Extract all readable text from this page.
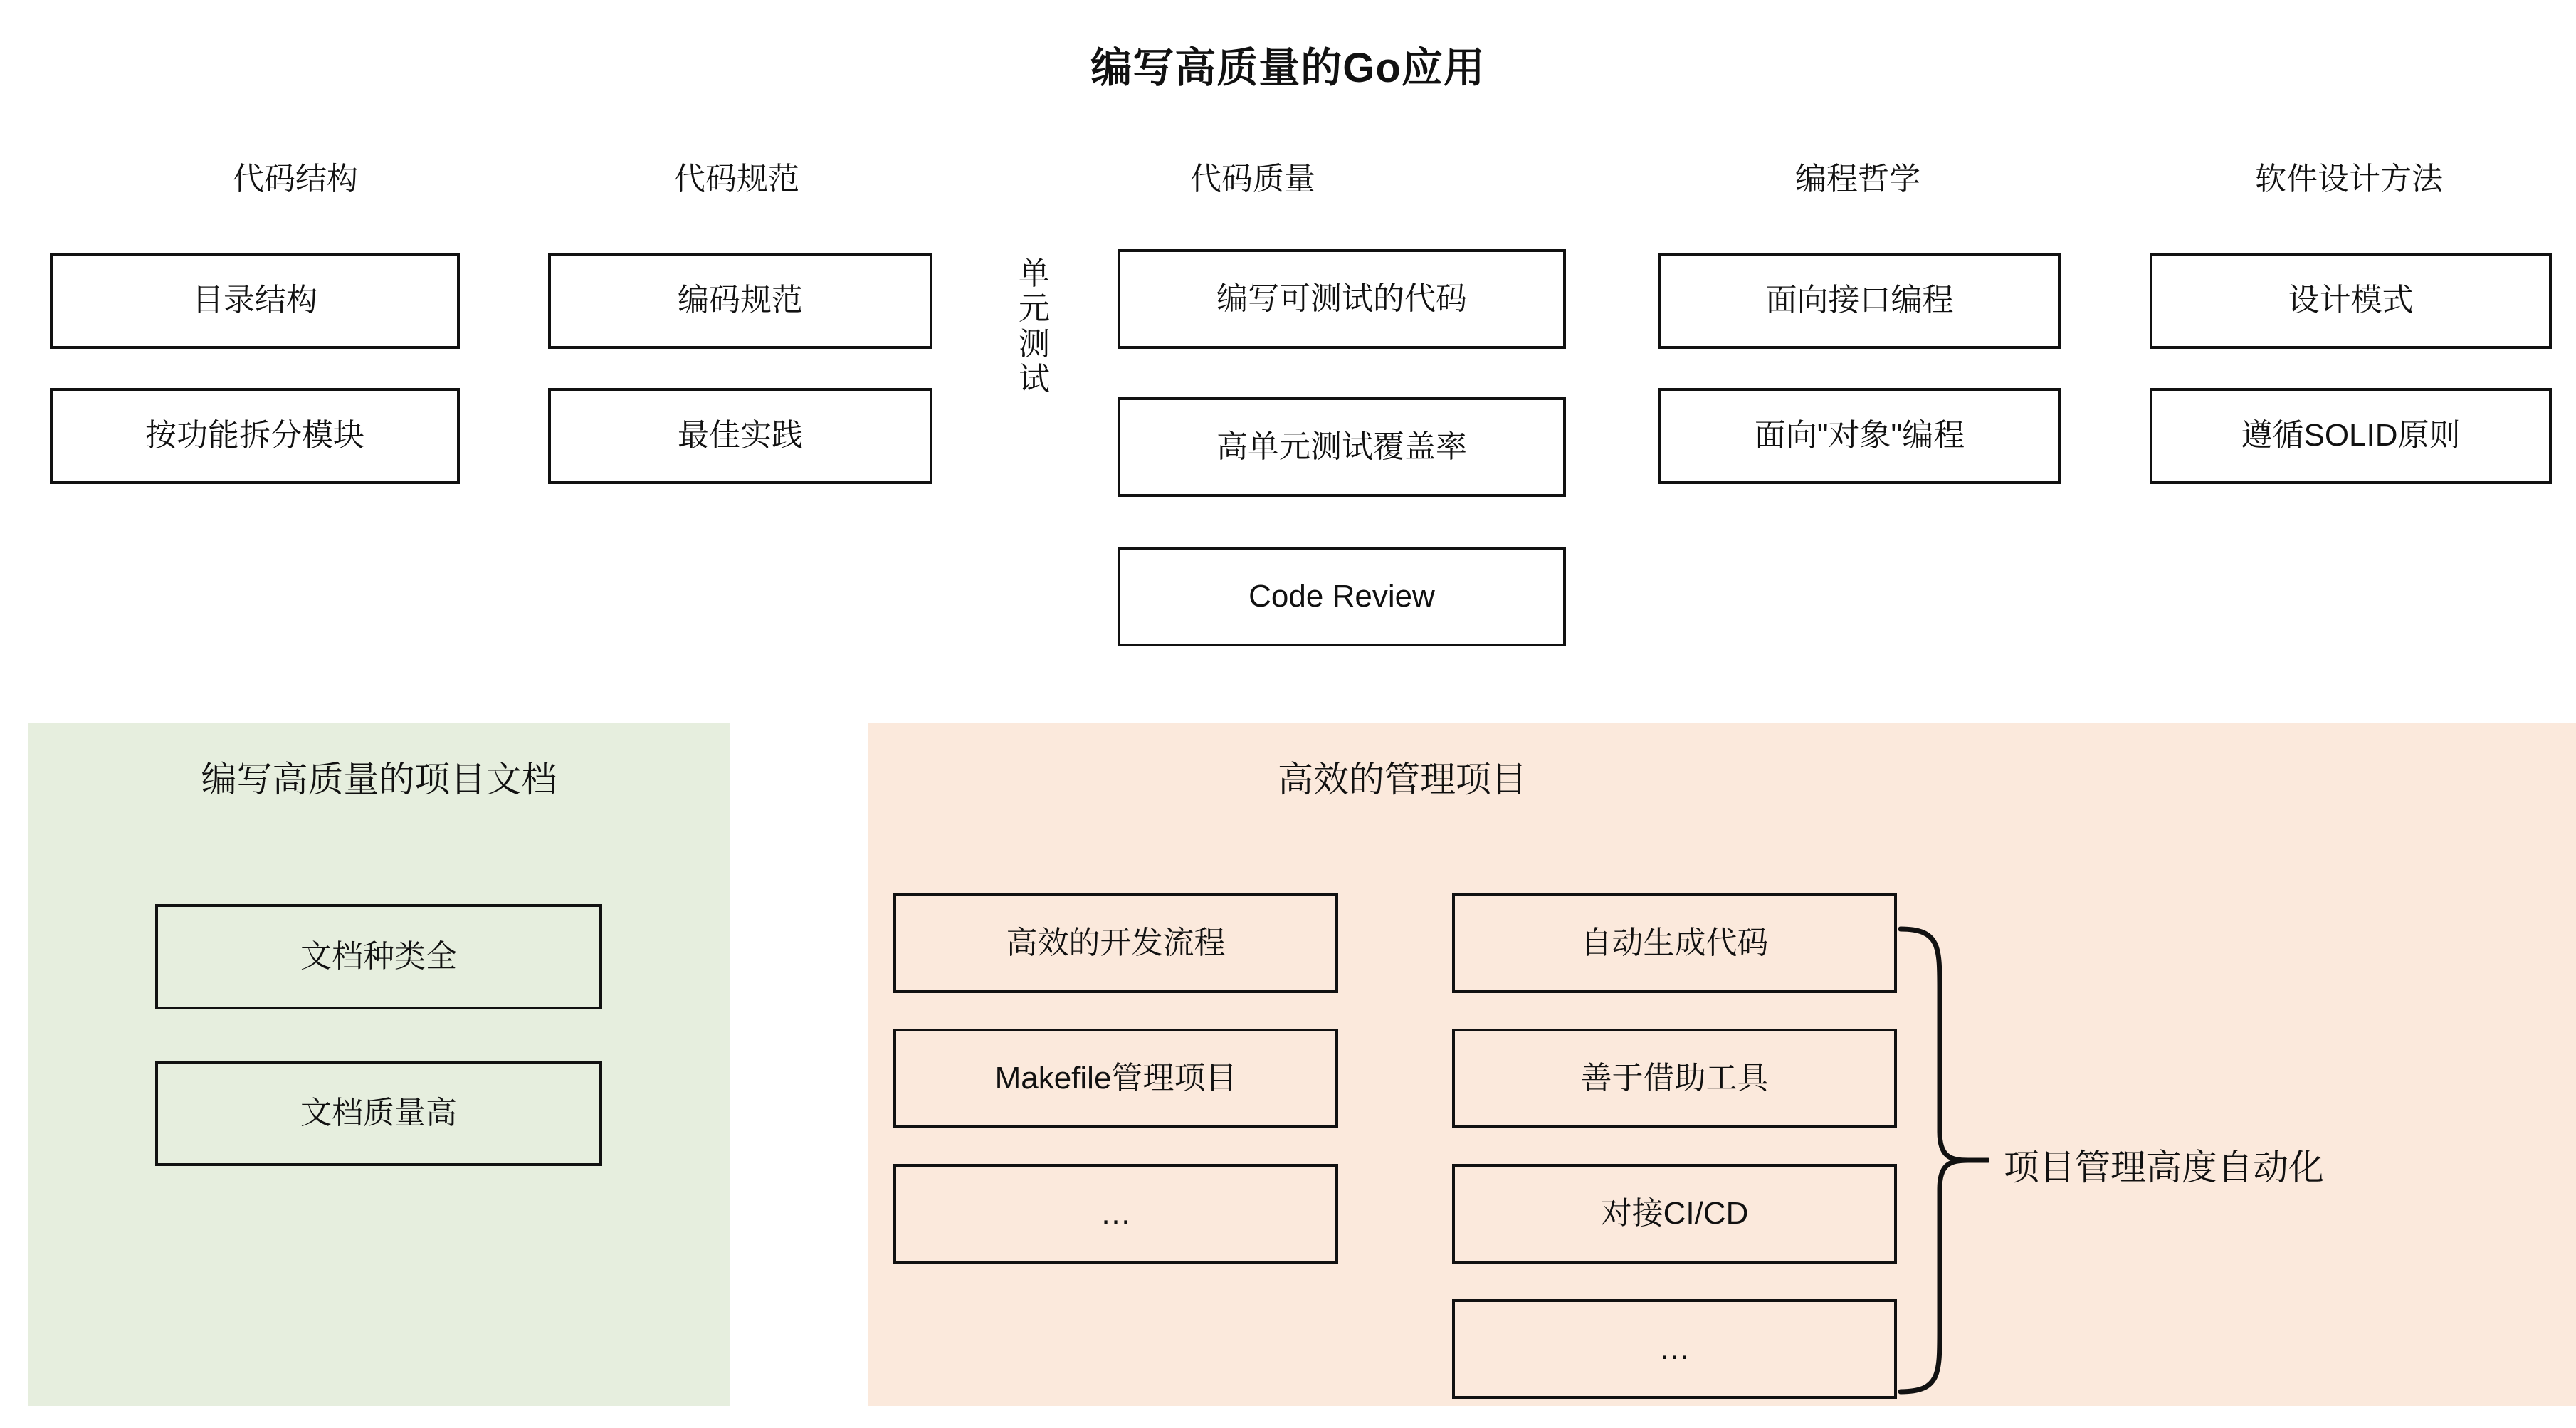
编写高质量的Go应用
代码结构
目录结构
按功能拆分模块
代码规范
编码规范
最佳实践
代码质量
单元测试
编写可测试的代码
高单元测试覆盖率
Code Review
编程哲学
面向接口编程
面向"对象"编程
软件设计方法
设计模式
遵循SOLID原则
编写高质量的项目文档
文档种类全
文档质量高
高效的管理项目
高效的开发流程
Makefile管理项目
…
自动生成代码
善于借助工具
对接CI/CD
…
项目管理高度自动化
